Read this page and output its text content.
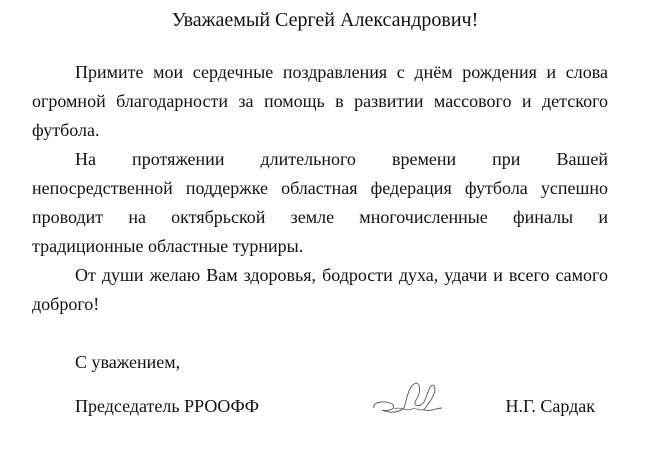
Уважаемый Сергей Александрович!
Примите мои сердечные поздравления с днём рождения и слова
огромной благодарности за помощь в развитии массового и детского
футбола.
На протяжении длительного времени при Вашей
непосредственной поддержке областная федерация футбола успешно
проводит на октябрьской земле многочисленные финалы и
традиционные областные турниры.
От души желаю Вам здоровья, бодрости духа, удачи и всего самого
доброго!
С уважением,
Председатель РРООФФ	Н.Г. Сардак
